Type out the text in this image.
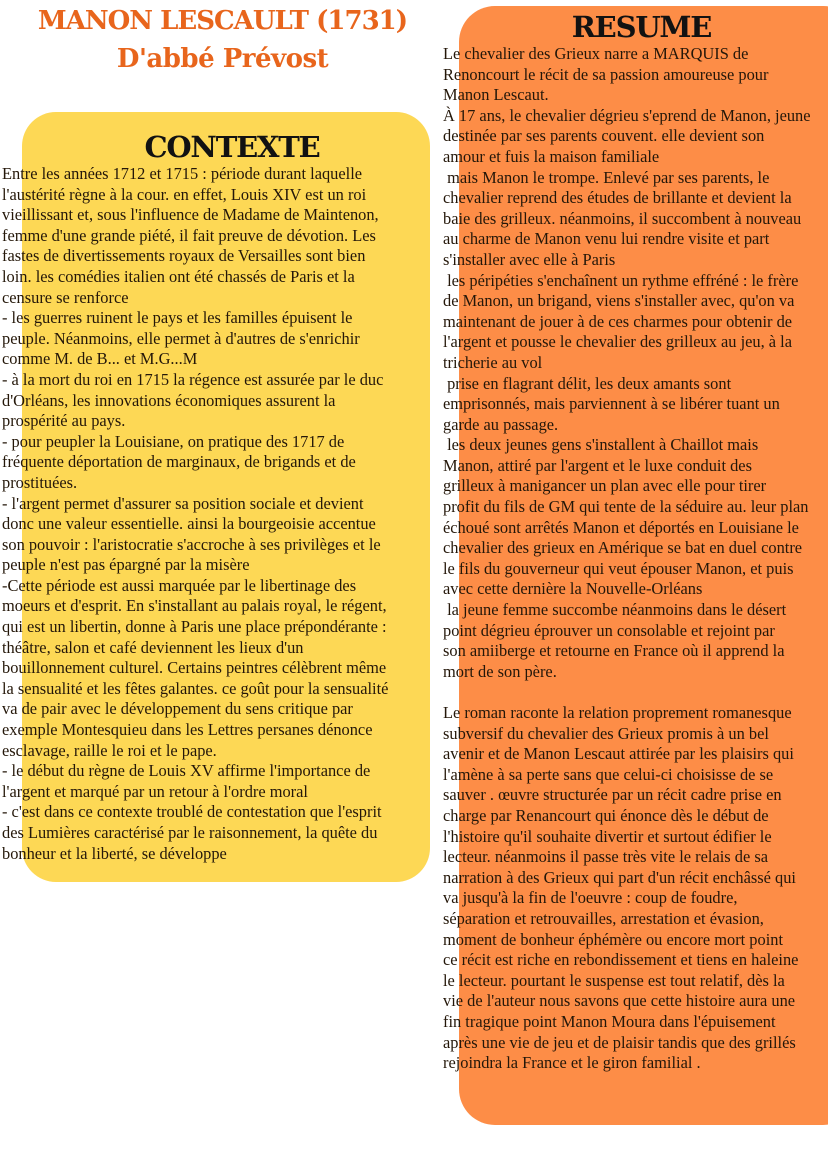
MANON LESCAULT (1731)
D'abbé Prévost
CONTEXTE
Entre les années 1712 et 1715 : période durant laquelle
l'austérité règne à la cour. en effet, Louis XIV est un roi
vieillissant et, sous l'influence de Madame de Maintenon,
femme d'une grande piété, il fait preuve de dévotion. Les
fastes de divertissements royaux de Versailles sont bien
loin. les comédies italien ont été chassés de Paris et la
censure se renforce
- les guerres ruinent le pays et les familles épuisent le
peuple. Néanmoins, elle permet à d'autres de s'enrichir
comme M. de B... et M.G...M
- à la mort du roi en 1715 la régence est assurée par le duc
d'Orléans, les innovations économiques assurent la
prospérité au pays.
- pour peupler la Louisiane, on pratique des 1717 de
fréquente déportation de marginaux, de brigands et de
prostituées.
- l'argent permet d'assurer sa position sociale et devient
donc une valeur essentielle. ainsi la bourgeoisie accentue
son pouvoir : l'aristocratie s'accroche à ses privilèges et le
peuple n'est pas épargné par la misère
-Cette période est aussi marquée par le libertinage des
moeurs et d'esprit. En s'installant au palais royal, le régent,
qui est un libertin, donne à Paris une place prépondérante :
théâtre, salon et café deviennent les lieux d'un
bouillonnement culturel. Certains peintres célèbrent même
la sensualité et les fêtes galantes. ce goût pour la sensualité
va de pair avec le développement du sens critique par
exemple Montesquieu dans les Lettres persanes dénonce
esclavage, raille le roi et le pape.
- le début du règne de Louis XV affirme l'importance de
l'argent et marqué par un retour à l'ordre moral
- c'est dans ce contexte troublé de contestation que l'esprit
des Lumières caractérisé par le raisonnement, la quête du
bonheur et la liberté, se développe
RESUME
Le chevalier des Grieux narre a MARQUIS de
Renoncourt le récit de sa passion amoureuse pour
Manon Lescaut.
À 17 ans, le chevalier dégrieu s'eprend de Manon, jeune
destinée par ses parents couvent. elle devient son
amour et fuis la maison familiale
mais Manon le trompe. Enlevé par ses parents, le
chevalier reprend des études de brillante et devient la
baie des grilleux. néanmoins, il succombent à nouveau
au charme de Manon venu lui rendre visite et part
s'installer avec elle à Paris
les péripéties s'enchaînent un rythme effréné : le frère
de Manon, un brigand, viens s'installer avec, qu'on va
maintenant de jouer à de ces charmes pour obtenir de
l'argent et pousse le chevalier des grilleux au jeu, à la
tricherie au vol
prise en flagrant délit, les deux amants sont
emprisonnés, mais parviennent à se libérer tuant un
garde au passage.
les deux jeunes gens s'installent à Chaillot mais
Manon, attiré par l'argent et le luxe conduit des
grilleux à manigancer un plan avec elle pour tirer
profit du fils de GM qui tente de la séduire au. leur plan
échoué sont arrêtés Manon et déportés en Louisiane le
chevalier des grieux en Amérique se bat en duel contre
le fils du gouverneur qui veut épouser Manon, et puis
avec cette dernière la Nouvelle-Orléans
la jeune femme succombe néanmoins dans le désert
point dégrieu éprouver un consolable et rejoint par
son amiiberge et retourne en France où il apprend la
mort de son père.
Le roman raconte la relation proprement romanesque
subversif du chevalier des Grieux promis à un bel
avenir et de Manon Lescaut attirée par les plaisirs qui
l'amène à sa perte sans que celui-ci choisisse de se
sauver . œuvre structurée par un récit cadre prise en
charge par Renancourt qui énonce dès le début de
l'histoire qu'il souhaite divertir et surtout édifier le
lecteur. néanmoins il passe très vite le relais de sa
narration à des Grieux qui part d'un récit enchâssé qui
va jusqu'à la fin de l'oeuvre : coup de foudre,
séparation et retrouvailles, arrestation et évasion,
moment de bonheur éphémère ou encore mort point
ce récit est riche en rebondissement et tiens en haleine
le lecteur. pourtant le suspense est tout relatif, dès la
vie de l'auteur nous savons que cette histoire aura une
fin tragique point Manon Moura dans l'épuisement
après une vie de jeu et de plaisir tandis que des grillés
rejoindra la France et le giron familial .
